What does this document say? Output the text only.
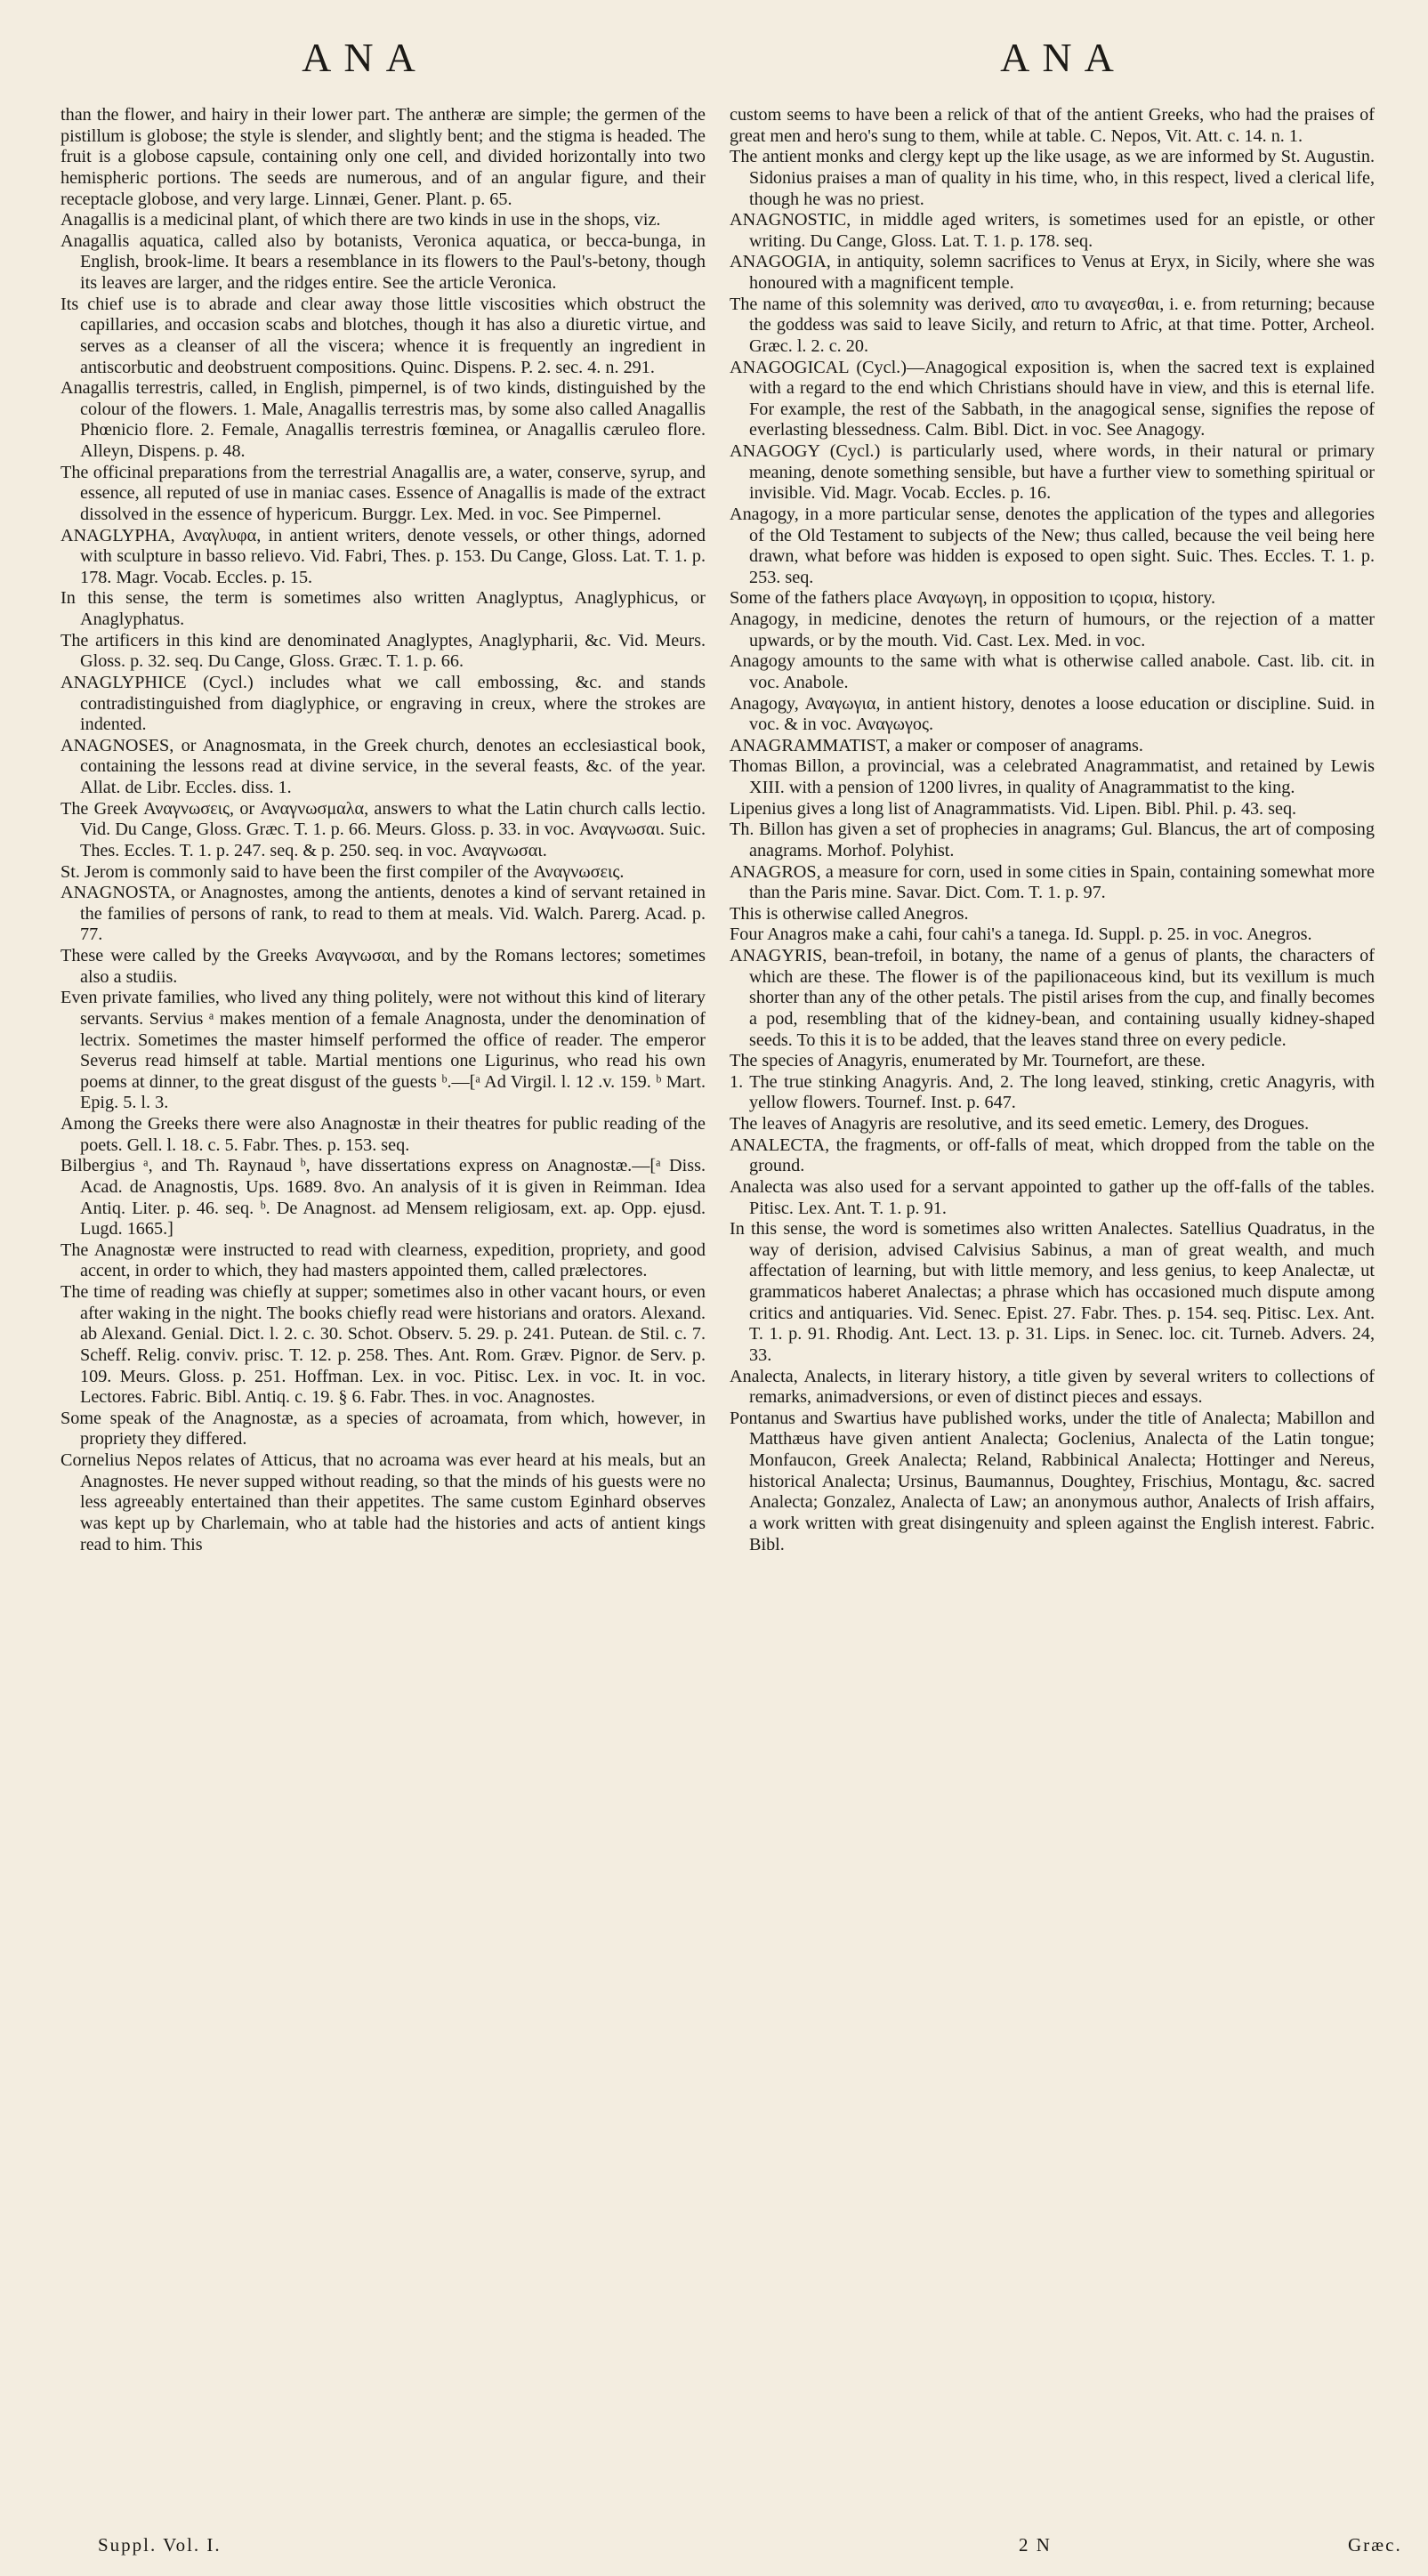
ANA	ANA

than the flower, and hairy in their lower part. The antheræ are simple; the germen of the pistillum is globose; the style is slender, and slightly bent; and the stigma is headed. The fruit is a globose capsule, containing only one cell, and divided horizontally into two hemispheric portions. The seeds are numerous, and of an angular figure, and their receptacle globose, and very large. Linnæi, Gener. Plant. p. 65.

Anagallis is a medicinal plant, of which there are two kinds in use in the shops, viz.

Anagallis aquatica, called also by botanists, Veronica aquatica, or becca-bunga, in English, brook-lime. It bears a resemblance in its flowers to the Paul's-betony, though its leaves are larger, and the ridges entire. See the article Veronica.

Its chief use is to abrade and clear away those little viscosities which obstruct the capillaries, and occasion scabs and blotches, though it has also a diuretic virtue, and serves as a cleanser of all the viscera; whence it is frequently an ingredient in antiscorbutic and deobstruent compositions. Quinc. Dispens. P. 2. sec. 4. n. 291.

Anagallis terrestris, called, in English, pimpernel, is of two kinds, distinguished by the colour of the flowers. 1. Male, Anagallis terrestris mas, by some also called Anagallis Phœnicio flore. 2. Female, Anagallis terrestris fœminea, or Anagallis cæruleo flore. Alleyn, Dispens. p. 48.

The officinal preparations from the terrestrial Anagallis are, a water, conserve, syrup, and essence, all reputed of use in maniac cases. Essence of Anagallis is made of the extract dissolved in the essence of hypericum. Burggr. Lex. Med. in voc. See Pimpernel.

ANAGLYPHA, Αναγλυφα, in antient writers, denote vessels, or other things, adorned with sculpture in basso relievo. Vid. Fabri, Thes. p. 153. Du Cange, Gloss. Lat. T. 1. p. 178. Magr. Vocab. Eccles. p. 15.

In this sense, the term is sometimes also written Anaglyptus, Anaglyphicus, or Anaglyphatus.

The artificers in this kind are denominated Anaglyptes, Anaglypharii, &c. Vid. Meurs. Gloss. p. 32. seq. Du Cange, Gloss. Græc. T. 1. p. 66.

ANAGLYPHICE (Cycl.) includes what we call embossing, &c. and stands contradistinguished from diaglyphice, or engraving in creux, where the strokes are indented.

ANAGNOSES, or Anagnosmata, in the Greek church, denotes an ecclesiastical book, containing the lessons read at divine service, in the several feasts, &c. of the year. Allat. de Libr. Eccles. diss. 1.

The Greek Αναγνωσεις, or Αναγνωσμαλα, answers to what the Latin church calls lectio. Vid. Du Cange, Gloss. Græc. T. 1. p. 66. Meurs. Gloss. p. 33. in voc. Αναγνωσαι. Suic. Thes. Eccles. T. 1. p. 247. seq. & p. 250. seq. in voc. Αναγνωσαι.

St. Jerom is commonly said to have been the first compiler of the Αναγνωσεις.

ANAGNOSTA, or Anagnostes, among the antients, denotes a kind of servant retained in the families of persons of rank, to read to them at meals. Vid. Walch. Parerg. Acad. p. 77.

These were called by the Greeks Αναγνωσαι, and by the Romans lectores; sometimes also a studiis.

Even private families, who lived any thing politely, were not without this kind of literary servants. Servius ᵃ makes mention of a female Anagnosta, under the denomination of lectrix. Sometimes the master himself performed the office of reader. The emperor Severus read himself at table. Martial mentions one Ligurinus, who read his own poems at dinner, to the great disgust of the guests ᵇ.—[ᵃ Ad Virgil. l. 12 .v. 159. ᵇ Mart. Epig. 5. l. 3.

Among the Greeks there were also Anagnostæ in their theatres for public reading of the poets. Gell. l. 18. c. 5. Fabr. Thes. p. 153. seq.

Bilbergius ᵃ, and Th. Raynaud ᵇ, have dissertations express on Anagnostæ.—[ᵃ Diss. Acad. de Anagnostis, Ups. 1689. 8vo. An analysis of it is given in Reimman. Idea Antiq. Liter. p. 46. seq. ᵇ. De Anagnost. ad Mensem religiosam, ext. ap. Opp. ejusd. Lugd. 1665.]

The Anagnostæ were instructed to read with clearness, expedition, propriety, and good accent, in order to which, they had masters appointed them, called prælectores.

The time of reading was chiefly at supper; sometimes also in other vacant hours, or even after waking in the night. The books chiefly read were historians and orators. Alexand. ab Alexand. Genial. Dict. l. 2. c. 30. Schot. Observ. 5. 29. p. 241. Putean. de Stil. c. 7. Scheff. Relig. conviv. prisc. T. 12. p. 258. Thes. Ant. Rom. Græv. Pignor. de Serv. p. 109. Meurs. Gloss. p. 251. Hoffman. Lex. in voc. Pitisc. Lex. in voc. It. in voc. Lectores. Fabric. Bibl. Antiq. c. 19. § 6. Fabr. Thes. in voc. Anagnostes.

Some speak of the Anagnostæ, as a species of acroamata, from which, however, in propriety they differed.

Cornelius Nepos relates of Atticus, that no acroama was ever heard at his meals, but an Anagnostes. He never supped without reading, so that the minds of his guests were no less agreeably entertained than their appetites. The same custom Eginhard observes was kept up by Charlemain, who at table had the histories and acts of antient kings read to him. This

custom seems to have been a relick of that of the antient Greeks, who had the praises of great men and hero's sung to them, while at table. C. Nepos, Vit. Att. c. 14. n. 1.

The antient monks and clergy kept up the like usage, as we are informed by St. Augustin. Sidonius praises a man of quality in his time, who, in this respect, lived a clerical life, though he was no priest.

ANAGNOSTIC, in middle aged writers, is sometimes used for an epistle, or other writing. Du Cange, Gloss. Lat. T. 1. p. 178. seq.

ANAGOGIA, in antiquity, solemn sacrifices to Venus at Eryx, in Sicily, where she was honoured with a magnificent temple.

The name of this solemnity was derived, απο τυ αναγεσθαι, i. e. from returning; because the goddess was said to leave Sicily, and return to Afric, at that time. Potter, Archeol. Græc. l. 2. c. 20.

ANAGOGICAL (Cycl.)—Anagogical exposition is, when the sacred text is explained with a regard to the end which Christians should have in view, and this is eternal life. For example, the rest of the Sabbath, in the anagogical sense, signifies the repose of everlasting blessedness. Calm. Bibl. Dict. in voc. See Anagogy.

ANAGOGY (Cycl.) is particularly used, where words, in their natural or primary meaning, denote something sensible, but have a further view to something spiritual or invisible. Vid. Magr. Vocab. Eccles. p. 16.

Anagogy, in a more particular sense, denotes the application of the types and allegories of the Old Testament to subjects of the New; thus called, because the veil being here drawn, what before was hidden is exposed to open sight. Suic. Thes. Eccles. T. 1. p. 253. seq.

Some of the fathers place Αναγωγη, in opposition to ιςορια, history.

Anagogy, in medicine, denotes the return of humours, or the rejection of a matter upwards, or by the mouth. Vid. Cast. Lex. Med. in voc.

Anagogy amounts to the same with what is otherwise called anabole. Cast. lib. cit. in voc. Anabole.

Anagogy, Αναγωγια, in antient history, denotes a loose education or discipline. Suid. in voc. & in voc. Αναγωγος.

ANAGRAMMATIST, a maker or composer of anagrams.

Thomas Billon, a provincial, was a celebrated Anagrammatist, and retained by Lewis XIII. with a pension of 1200 livres, in quality of Anagrammatist to the king.

Lipenius gives a long list of Anagrammatists. Vid. Lipen. Bibl. Phil. p. 43. seq.

Th. Billon has given a set of prophecies in anagrams; Gul. Blancus, the art of composing anagrams. Morhof. Polyhist.

ANAGROS, a measure for corn, used in some cities in Spain, containing somewhat more than the Paris mine. Savar. Dict. Com. T. 1. p. 97.

This is otherwise called Anegros.

Four Anagros make a cahi, four cahi's a tanega. Id. Suppl. p. 25. in voc. Anegros.

ANAGYRIS, bean-trefoil, in botany, the name of a genus of plants, the characters of which are these. The flower is of the papilionaceous kind, but its vexillum is much shorter than any of the other petals. The pistil arises from the cup, and finally becomes a pod, resembling that of the kidney-bean, and containing usually kidney-shaped seeds. To this it is to be added, that the leaves stand three on every pedicle.

The species of Anagyris, enumerated by Mr. Tournefort, are these.

1. The true stinking Anagyris. And, 2. The long leaved, stinking, cretic Anagyris, with yellow flowers. Tournef. Inst. p. 647.

The leaves of Anagyris are resolutive, and its seed emetic. Lemery, des Drogues.

ANALECTA, the fragments, or off-falls of meat, which dropped from the table on the ground.

Analecta was also used for a servant appointed to gather up the off-falls of the tables. Pitisc. Lex. Ant. T. 1. p. 91.

In this sense, the word is sometimes also written Analectes. Satellius Quadratus, in the way of derision, advised Calvisius Sabinus, a man of great wealth, and much affectation of learning, but with little memory, and less genius, to keep Analectæ, ut grammaticos haberet Analectas; a phrase which has occasioned much dispute among critics and antiquaries. Vid. Senec. Epist. 27. Fabr. Thes. p. 154. seq. Pitisc. Lex. Ant. T. 1. p. 91. Rhodig. Ant. Lect. 13. p. 31. Lips. in Senec. loc. cit. Turneb. Advers. 24, 33.

Analecta, Analects, in literary history, a title given by several writers to collections of remarks, animadversions, or even of distinct pieces and essays.

Pontanus and Swartius have published works, under the title of Analecta; Mabillon and Matthæus have given antient Analecta; Goclenius, Analecta of the Latin tongue; Monfaucon, Greek Analecta; Reland, Rabbinical Analecta; Hottinger and Nereus, historical Analecta; Ursinus, Baumannus, Doughtey, Frischius, Montagu, &c. sacred Analecta; Gonzalez, Analecta of Law; an anonymous author, Analects of Irish affairs, a work written with great disingenuity and spleen against the English interest. Fabric. Bibl.

Suppl. Vol. I.	2 N	Græc.
